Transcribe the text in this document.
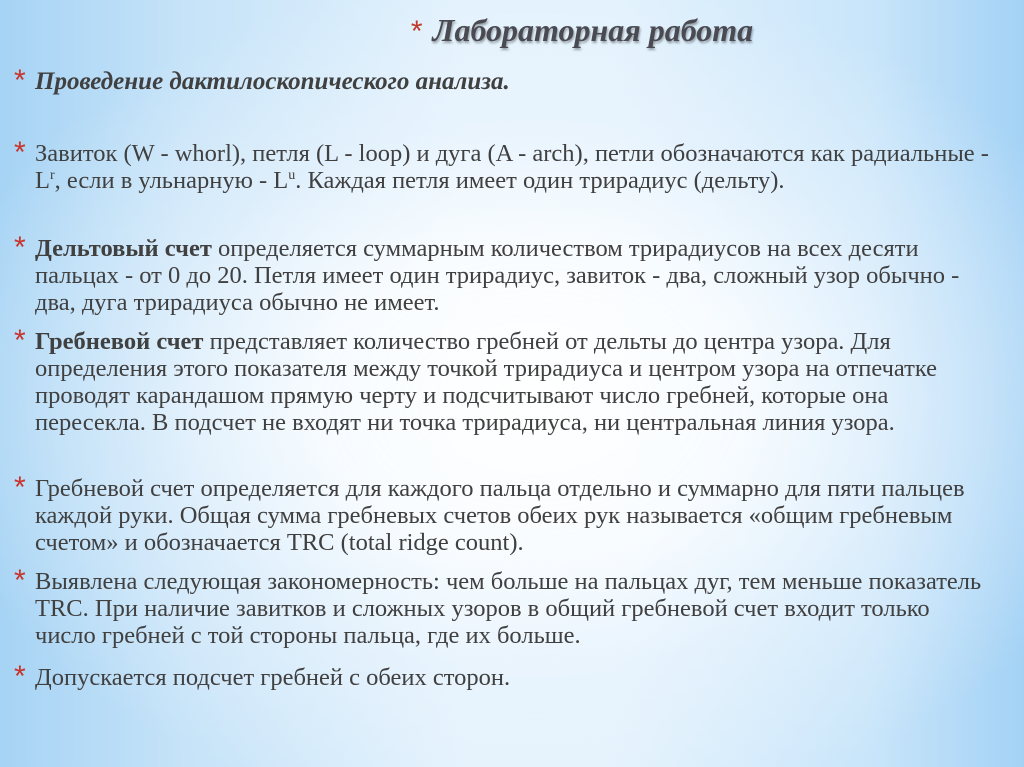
* Лабораторная работа
* Проведение дактилоскопического анализа.
* Завиток (W - whorl), петля (L - loop) и дуга (A - arch), петли обозначаются как радиальные - $L^r$, если в ульнарную - $L^u$. Каждая петля имеет один трирадиус (дельту).
* Дельтовый счет определяется суммарным количеством трирадиусов на всех десяти пальцах - от 0 до 20. Петля имеет один трирадиус, завиток - два, сложный узор обычно - два, дуга трирадиуса обычно не имеет.
* Гребневой счет представляет количество гребней от дельты до центра узора. Для определения этого показателя между точкой трирадиуса и центром узора на отпечатке проводят карандашом прямую черту и подсчитывают число гребней, которые она пересекла. В подсчет не входят ни точка трирадиуса, ни центральная линия узора.
* Гребневой счет определяется для каждого пальца отдельно и суммарно для пяти пальцев каждой руки. Общая сумма гребневых счетов обеих рук называется «общим гребневым счетом» и обозначается TRC (total ridge count).
* Выявлена следующая закономерность: чем больше на пальцах дуг, тем меньше показатель TRC. При наличие завитков и сложных узоров в общий гребневой счет входит только число гребней с той стороны пальца, где их больше.
* Допускается подсчет гребней с обеих сторон.
